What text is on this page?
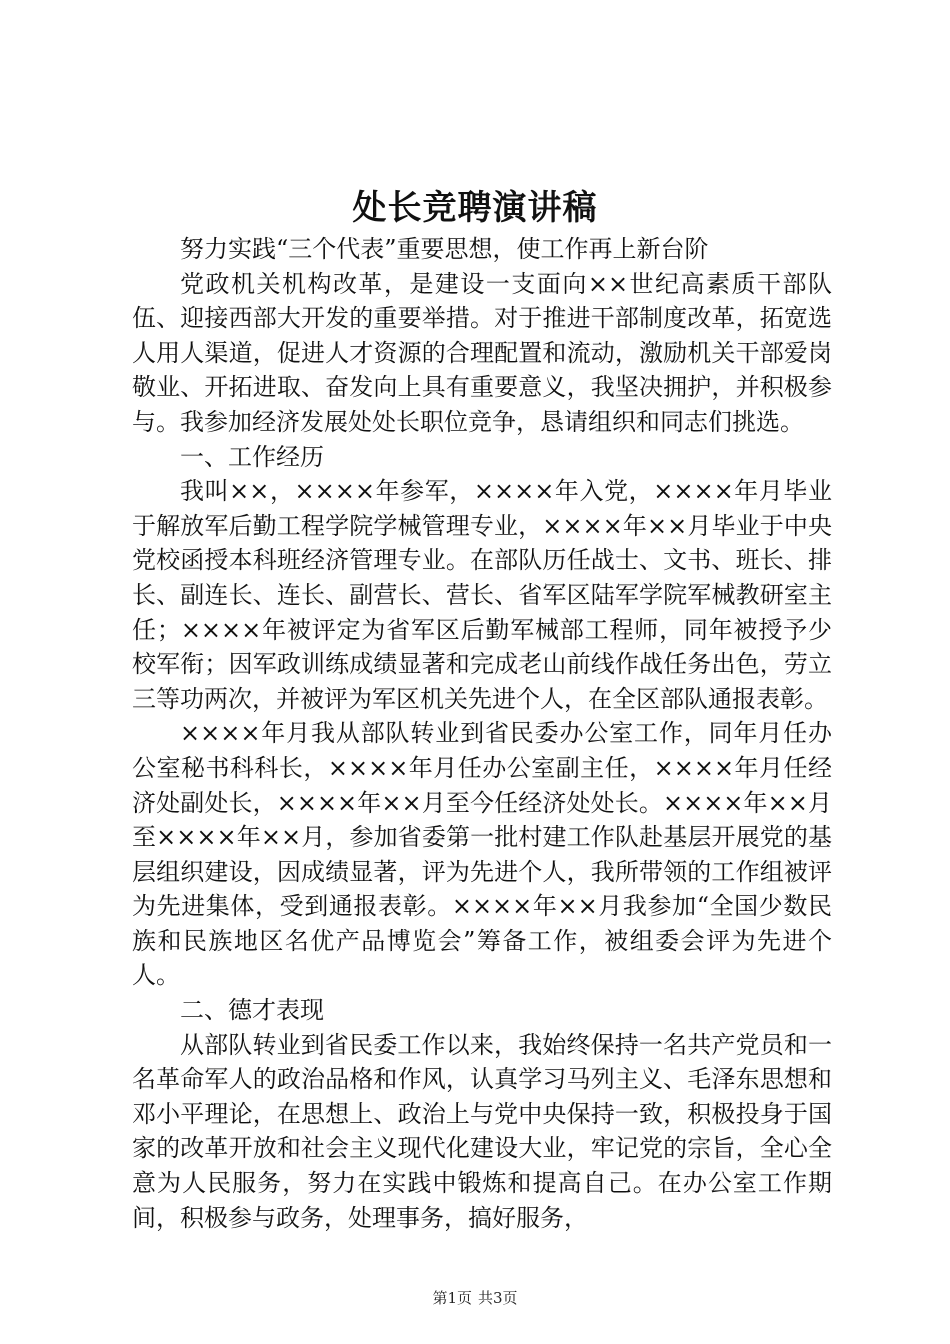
处长竞聘演讲稿

努力实践“三个代表”重要思想，使工作再上新台阶

党政机关机构改革，是建设一支面向××世纪高素质干部队伍、迎接西部大开发的重要举措。对于推进干部制度改革，拓宽选人用人渠道，促进人才资源的合理配置和流动，激励机关干部爱岗敬业、开拓进取、奋发向上具有重要意义，我坚决拥护，并积极参与。我参加经济发展处处长职位竞争，恳请组织和同志们挑选。

一、工作经历

我叫××，××××年参军，××××年入党，××××年月毕业于解放军后勤工程学院学械管理专业，××××年××月毕业于中央党校函授本科班经济管理专业。在部队历任战士、文书、班长、排长、副连长、连长、副营长、营长、省军区陆军学院军械教研室主任；××××年被评定为省军区后勤军械部工程师，同年被授予少校军衔；因军政训练成绩显著和完成老山前线作战任务出色，劳立三等功两次，并被评为军区机关先进个人，在全区部队通报表彰。

××××年月我从部队转业到省民委办公室工作，同年月任办公室秘书科科长，××××年月任办公室副主任，××××年月任经济处副处长，××××年××月至今任经济处处长。××××年××月至××××年××月，参加省委第一批村建工作队赴基层开展党的基层组织建设，因成绩显著，评为先进个人，我所带领的工作组被评为先进集体，受到通报表彰。××××年××月我参加“全国少数民族和民族地区名优产品博览会”筹备工作，被组委会评为先进个人。

二、德才表现

从部队转业到省民委工作以来，我始终保持一名共产党员和一名革命军人的政治品格和作风，认真学习马列主义、毛泽东思想和邓小平理论，在思想上、政治上与党中央保持一致，积极投身于国家的改革开放和社会主义现代化建设大业，牢记党的宗旨，全心全意为人民服务，努力在实践中锻炼和提高自己。在办公室工作期间，积极参与政务，处理事务，搞好服务，

第1页 共3页
